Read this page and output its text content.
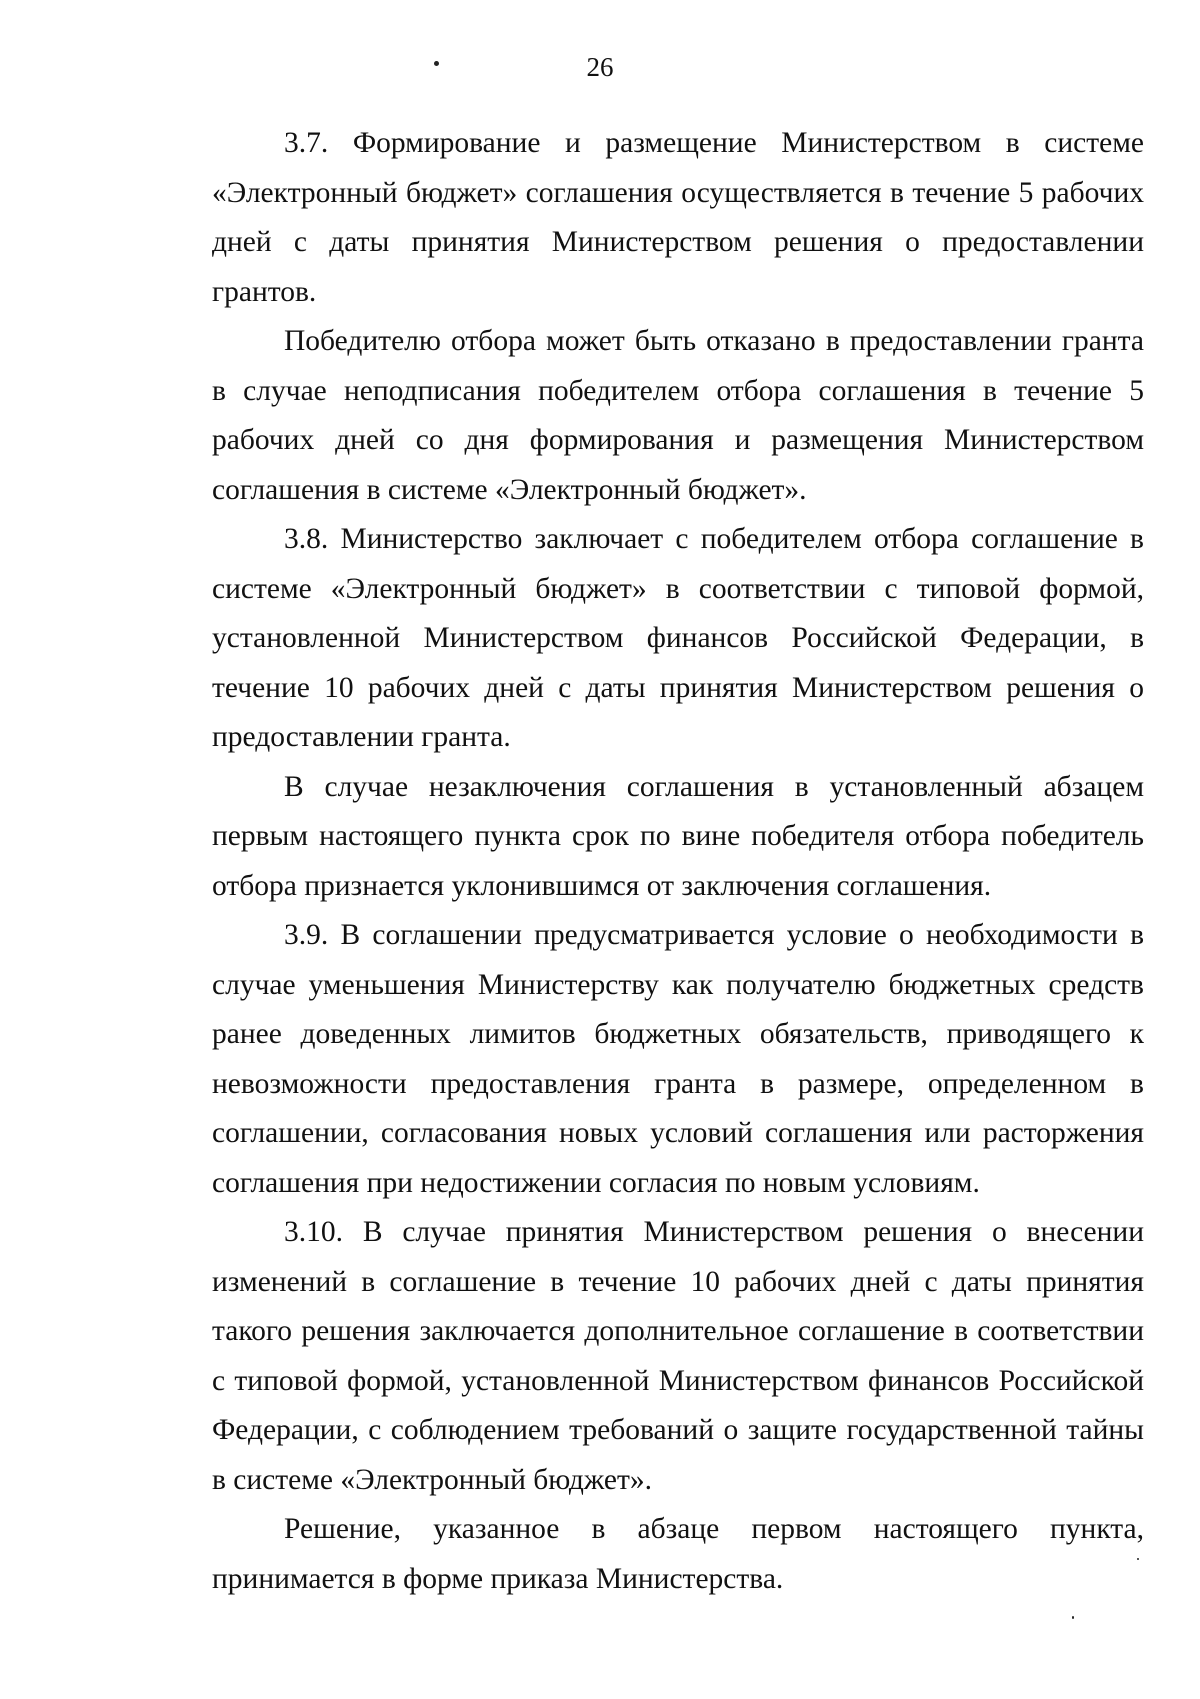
26

3.7. Формирование и размещение Министерством в системе «Электронный бюджет» соглашения осуществляется в течение 5 рабочих дней с даты принятия Министерством решения о предоставлении грантов.

Победителю отбора может быть отказано в предоставлении гранта в случае неподписания победителем отбора соглашения в течение 5 рабочих дней со дня формирования и размещения Министерством соглашения в системе «Электронный бюджет».

3.8. Министерство заключает с победителем отбора соглашение в системе «Электронный бюджет» в соответствии с типовой формой, установленной Министерством финансов Российской Федерации, в течение 10 рабочих дней с даты принятия Министерством решения о предоставлении гранта.

В случае незаключения соглашения в установленный абзацем первым настоящего пункта срок по вине победителя отбора победитель отбора признается уклонившимся от заключения соглашения.

3.9. В соглашении предусматривается условие о необходимости в случае уменьшения Министерству как получателю бюджетных средств ранее доведенных лимитов бюджетных обязательств, приводящего к невозможности предоставления гранта в размере, определенном в соглашении, согласования новых условий соглашения или расторжения соглашения при недостижении согласия по новым условиям.

3.10. В случае принятия Министерством решения о внесении изменений в соглашение в течение 10 рабочих дней с даты принятия такого решения заключается дополнительное соглашение в соответствии с типовой формой, установленной Министерством финансов Российской Федерации, с соблюдением требований о защите государственной тайны в системе «Электронный бюджет».

Решение, указанное в абзаце первом настоящего пункта, принимается в форме приказа Министерства.
